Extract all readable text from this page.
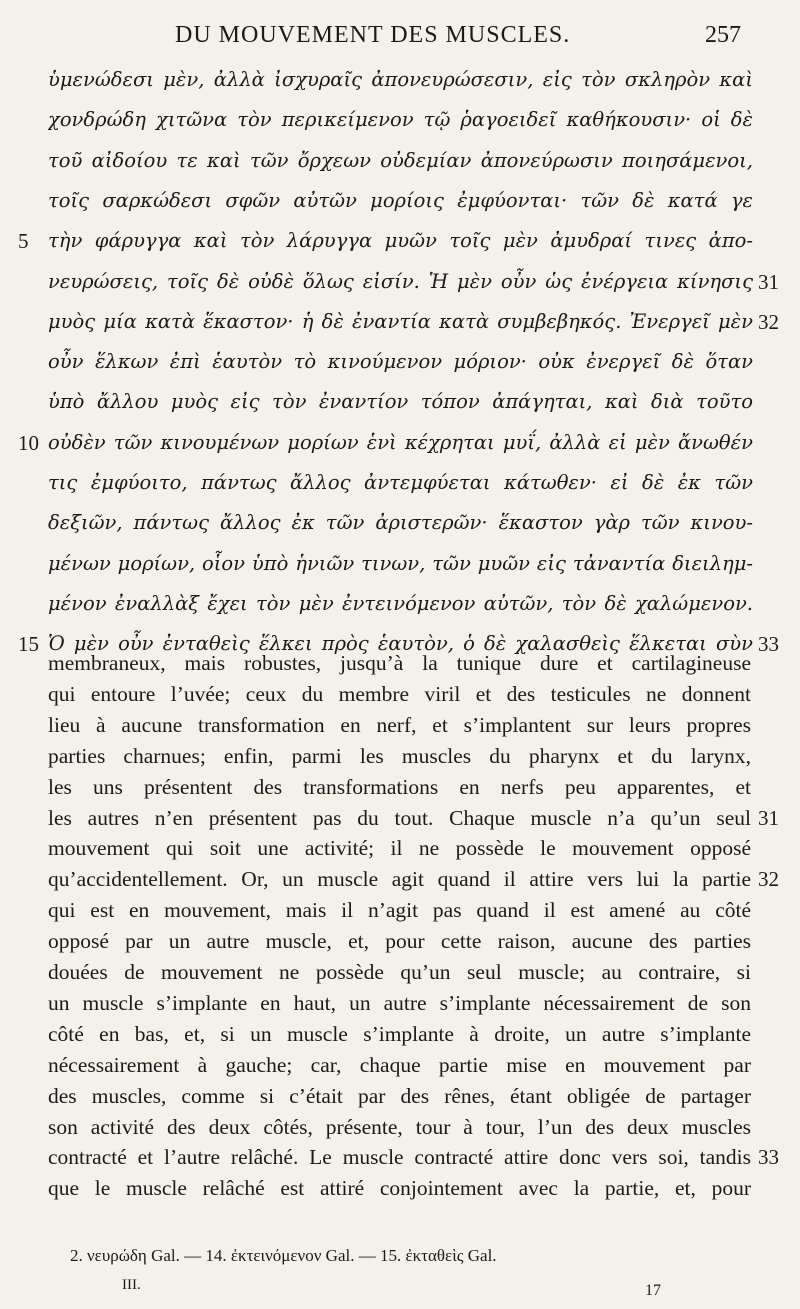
DU MOUVEMENT DES MUSCLES.	257
ὑμενώδεσι μὲν, ἀλλὰ ἰσχυραῖς ἀπονευρώσεσιν, εἰς τὸν σκληρὸν καὶ
χονδρώδη χιτῶνα τὸν περικείμενον τῷ ῥαγοειδεῖ καθήκουσιν· οἱ δὲ
τοῦ αἰδοίου τε καὶ τῶν ὄρχεων οὐδεμίαν ἀπονεύρωσιν ποιησάμενοι,
τοῖς σαρκώδεσι σφῶν αὐτῶν μορίοις ἐμφύονται· τῶν δὲ κατά γε
τὴν φάρυγγα καὶ τὸν λάρυγγα μυῶν τοῖς μὲν ἀμυδραί τινες ἀπο-
5
νευρώσεις, τοῖς δὲ οὐδὲ ὅλως εἰσίν. Ἡ μὲν οὖν ὡς ἐνέργεια κίνησις 31
μυὸς μία κατὰ ἕκαστον· ἡ δὲ ἐναντία κατὰ συμβεβηκός. Ἐνεργεῖ μὲν 32
οὖν ἕλκων ἐπὶ ἑαυτὸν τὸ κινούμενον μόριον· οὐκ ἐνεργεῖ δὲ ὅταν
ὑπὸ ἄλλου μυὸς εἰς τὸν ἐναντίον τόπον ἀπάγηται, καὶ διὰ τοῦτο
οὐδὲν τῶν κινουμένων μορίων ἑνὶ κέχρηται μυΐ, ἀλλὰ εἰ μὲν ἄνωθέν
10
τις ἐμφύοιτο, πάντως ἄλλος ἀντεμφύεται κάτωθεν· εἰ δὲ ἐκ τῶν
δεξιῶν, πάντως ἄλλος ἐκ τῶν ἀριστερῶν· ἕκαστον γὰρ τῶν κινου-
μένων μορίων, οἷον ὑπὸ ἡνιῶν τινων, τῶν μυῶν εἰς τἀναντία διειλημ-
μένον ἐναλλὰξ ἔχει τὸν μὲν ἐντεινόμενον αὐτῶν, τὸν δὲ χαλώμενον.
Ὁ μὲν οὖν ἐνταθεὶς ἕλκει πρὸς ἑαυτὸν, ὁ δὲ χαλασθεὶς ἕλκεται σὺν
15	33
membraneux, mais robustes, jusqu’à la tunique dure et cartilagineuse
qui entoure l’uvée; ceux du membre viril et des testicules ne donnent
lieu à aucune transformation en nerf, et s’implantent sur leurs propres
parties charnues; enfin, parmi les muscles du pharynx et du larynx,
les uns présentent des transformations en nerfs peu apparentes, et
les autres n’en présentent pas du tout. Chaque muscle n’a qu’un seul 31
mouvement qui soit une activité; il ne possède le mouvement opposé
qu’accidentellement. Or, un muscle agit quand il attire vers lui la partie 32
qui est en mouvement, mais il n’agit pas quand il est amené au côté
opposé par un autre muscle, et, pour cette raison, aucune des parties
douées de mouvement ne possède qu’un seul muscle; au contraire, si
un muscle s’implante en haut, un autre s’implante nécessairement de son
côté en bas, et, si un muscle s’implante à droite, un autre s’implante
nécessairement à gauche; car, chaque partie mise en mouvement par
des muscles, comme si c’était par des rênes, étant obligée de partager
son activité des deux côtés, présente, tour à tour, l’un des deux muscles
contracté et l’autre relâché. Le muscle contracté attire donc vers soi, tandis 33
que le muscle relâché est attiré conjointement avec la partie, et, pour
2. νευρώδη Gal. — 14. ἐκτεινόμενον Gal. — 15. ἐκταθεὶς Gal.
III.	17
